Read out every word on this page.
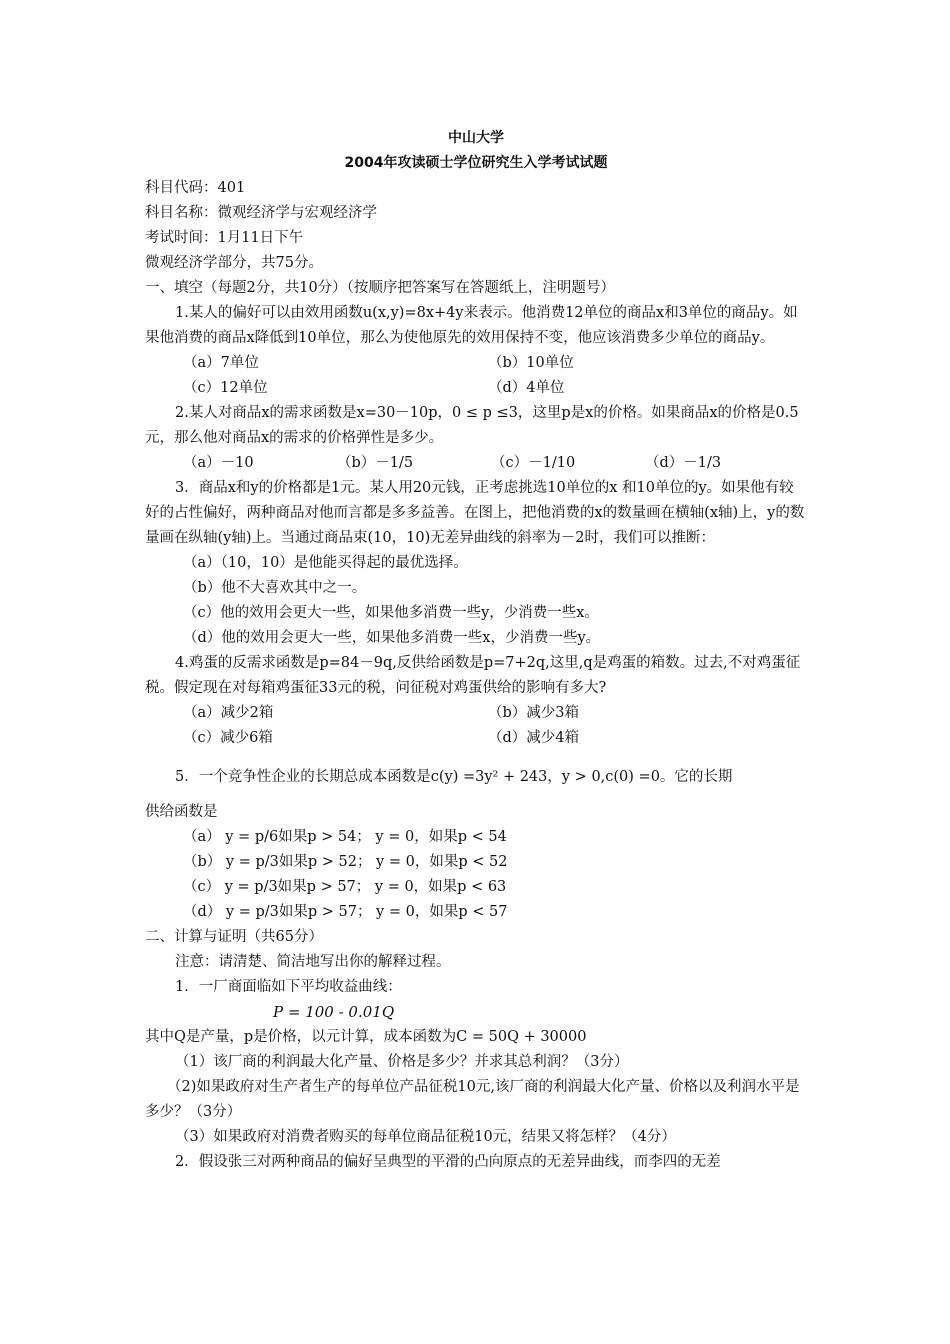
中山大学
2004年攻读硕士学位研究生入学考试试题
科目代码：401
科目名称：微观经济学与宏观经济学
考试时间：1月11日下午
微观经济学部分，共75分。
一、填空（每题2分，共10分）（按顺序把答案写在答题纸上，注明题号）
1.某人的偏好可以由效用函数u(x,y)=8x+4y来表示。他消费12单位的商品x和3单位的商品y。如果他消费的商品x降低到10单位，那么为使他原先的效用保持不变，他应该消费多少单位的商品y。
（a）7单位	（b）10单位
（c）12单位	（d）4单位
2.某人对商品x的需求函数是x=30－10p，0 ≤ p ≤3，这里p是x的价格。如果商品x的价格是0.5元，那么他对商品x的需求的价格弹性是多少。
（a）－10	（b）－1/5	（c）－1/10	（d）－1/3
3．商品x和y的价格都是1元。某人用20元钱，正考虑挑选10单位的x 和10单位的y。如果他有较好的占性偏好，两种商品对他而言都是多多益善。在图上，把他消费的x的数量画在横轴(x轴)上，y的数量画在纵轴(y轴)上。当通过商品束(10，10)无差异曲线的斜率为－2时，我们可以推断：
（a）（10，10）是他能买得起的最优选择。
（b）他不大喜欢其中之一。
（c）他的效用会更大一些，如果他多消费一些y，少消费一些x。
（d）他的效用会更大一些，如果他多消费一些x，少消费一些y。
4.鸡蛋的反需求函数是p=84－9q,反供给函数是p=7+2q,这里,q是鸡蛋的箱数。过去,不对鸡蛋征税。假定现在对每箱鸡蛋征33元的税，问征税对鸡蛋供给的影响有多大?
（a）减少2箱	（b）减少3箱
（c）减少6箱	（d）减少4箱
5．一个竞争性企业的长期总成本函数是c(y) =3y² + 243，y > 0,c(0) =0。它的长期
供给函数是
（a） y = p/6如果p > 54； y = 0，如果p < 54
（b） y = p/3如果p > 52； y = 0，如果p < 52
（c） y = p/3如果p > 57； y = 0，如果p < 63
（d） y = p/3如果p > 57； y = 0，如果p < 57
二、计算与证明（共65分）
注意：请清楚、简洁地写出你的解释过程。
1．一厂商面临如下平均收益曲线：
P = 100 - 0.01Q
其中Q是产量，p是价格，以元计算，成本函数为C = 50Q + 30000
（1）该厂商的利润最大化产量、价格是多少？并求其总利润？（3分）
（2)如果政府对生产者生产的每单位产品征税10元,该厂商的利润最大化产量、价格以及利润水平是多少？（3分）
（3）如果政府对消费者购买的每单位商品征税10元，结果又将怎样？（4分）
2．假设张三对两种商品的偏好呈典型的平滑的凸向原点的无差异曲线，而李四的无差
